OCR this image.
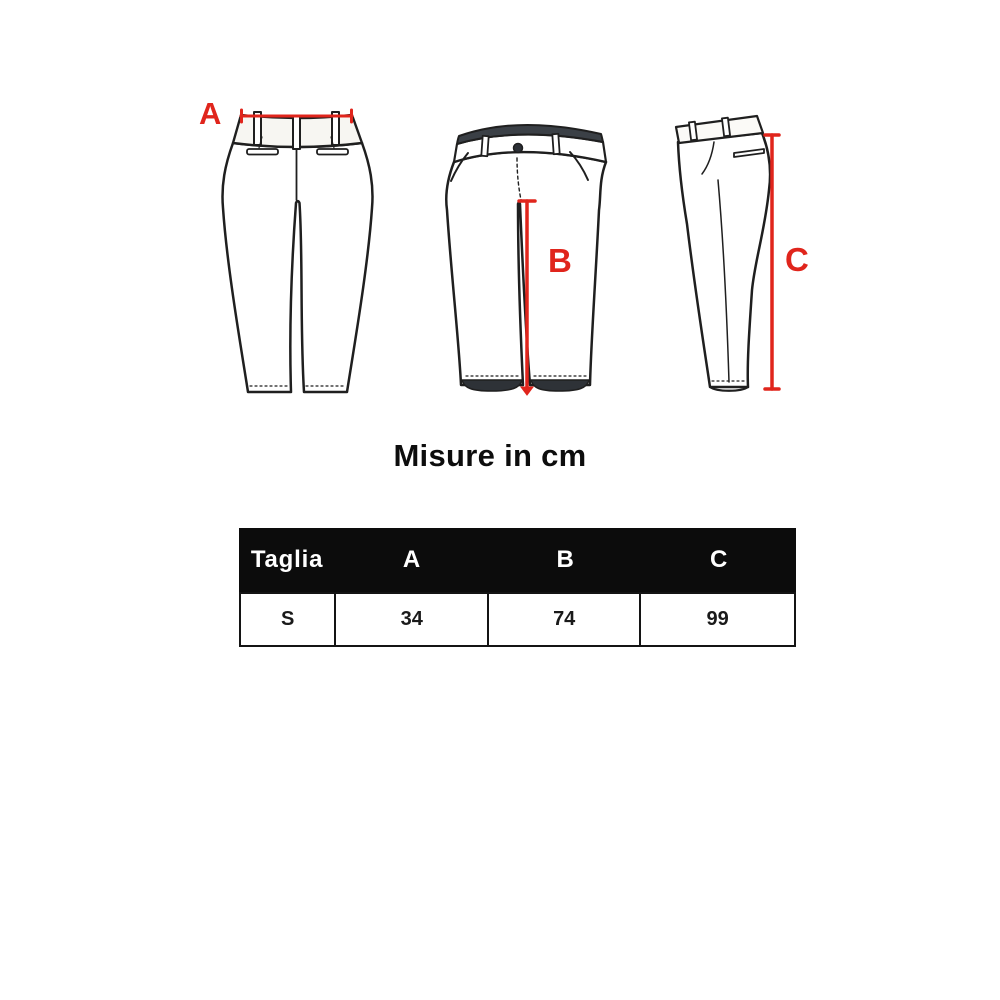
A
B	C
Misure in cm
Taglia	A	B	C
S	34	74	99
